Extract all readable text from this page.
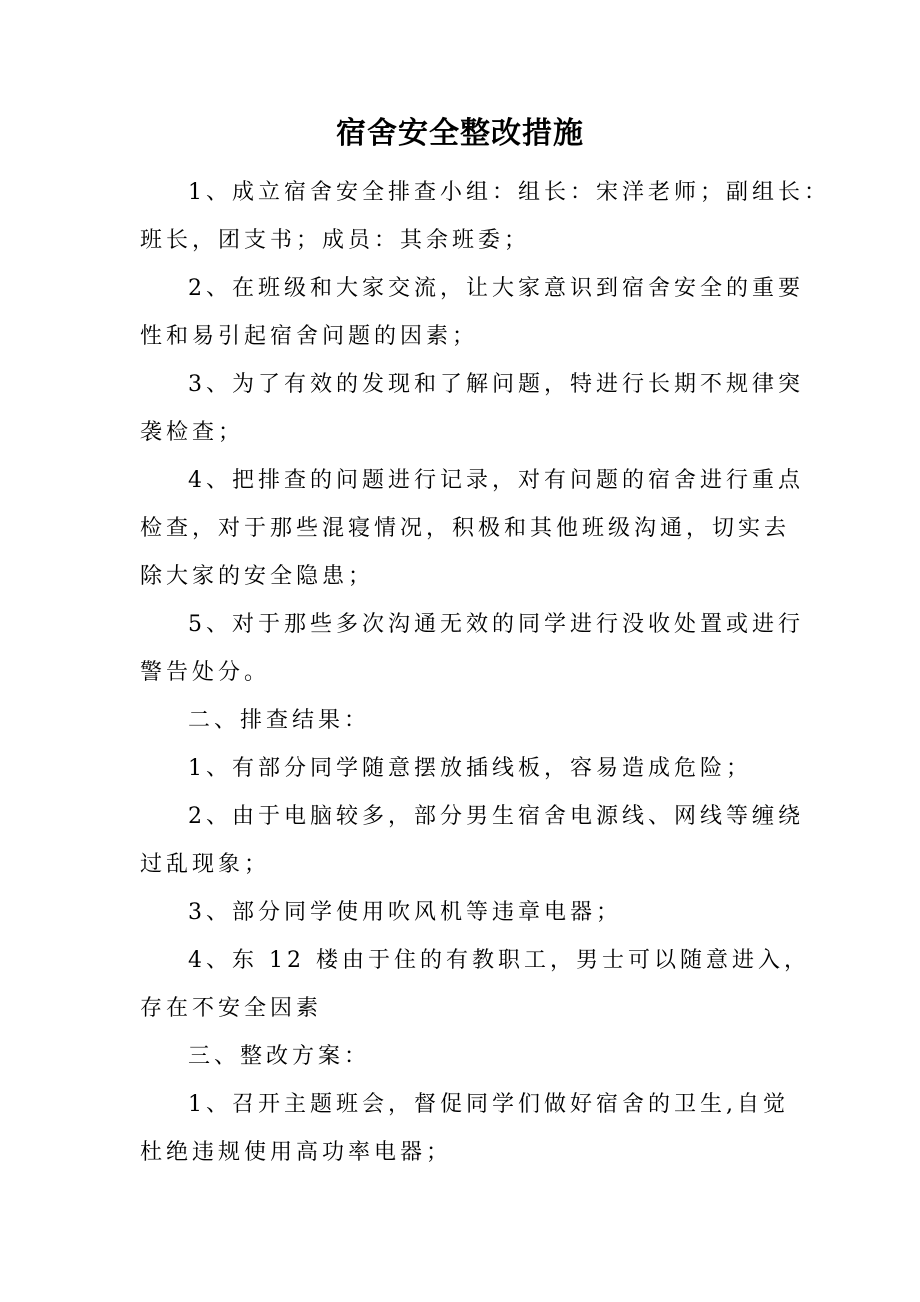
宿舍安全整改措施
1、成立宿舍安全排查小组：组长：宋洋老师；副组长：
班长，团支书；成员：其余班委；
2、在班级和大家交流，让大家意识到宿舍安全的重要
性和易引起宿舍问题的因素；
3、为了有效的发现和了解问题，特进行长期不规律突
袭检查；
4、把排查的问题进行记录，对有问题的宿舍进行重点
检查，对于那些混寝情况，积极和其他班级沟通，切实去
除大家的安全隐患；
5、对于那些多次沟通无效的同学进行没收处置或进行
警告处分。
二、排查结果：
1、有部分同学随意摆放插线板，容易造成危险；
2、由于电脑较多，部分男生宿舍电源线、网线等缠绕
过乱现象；
3、部分同学使用吹风机等违章电器；
4、东 12 楼由于住的有教职工，男士可以随意进入，
存在不安全因素
三、整改方案：
1、召开主题班会，督促同学们做好宿舍的卫生,自觉
杜绝违规使用高功率电器；
